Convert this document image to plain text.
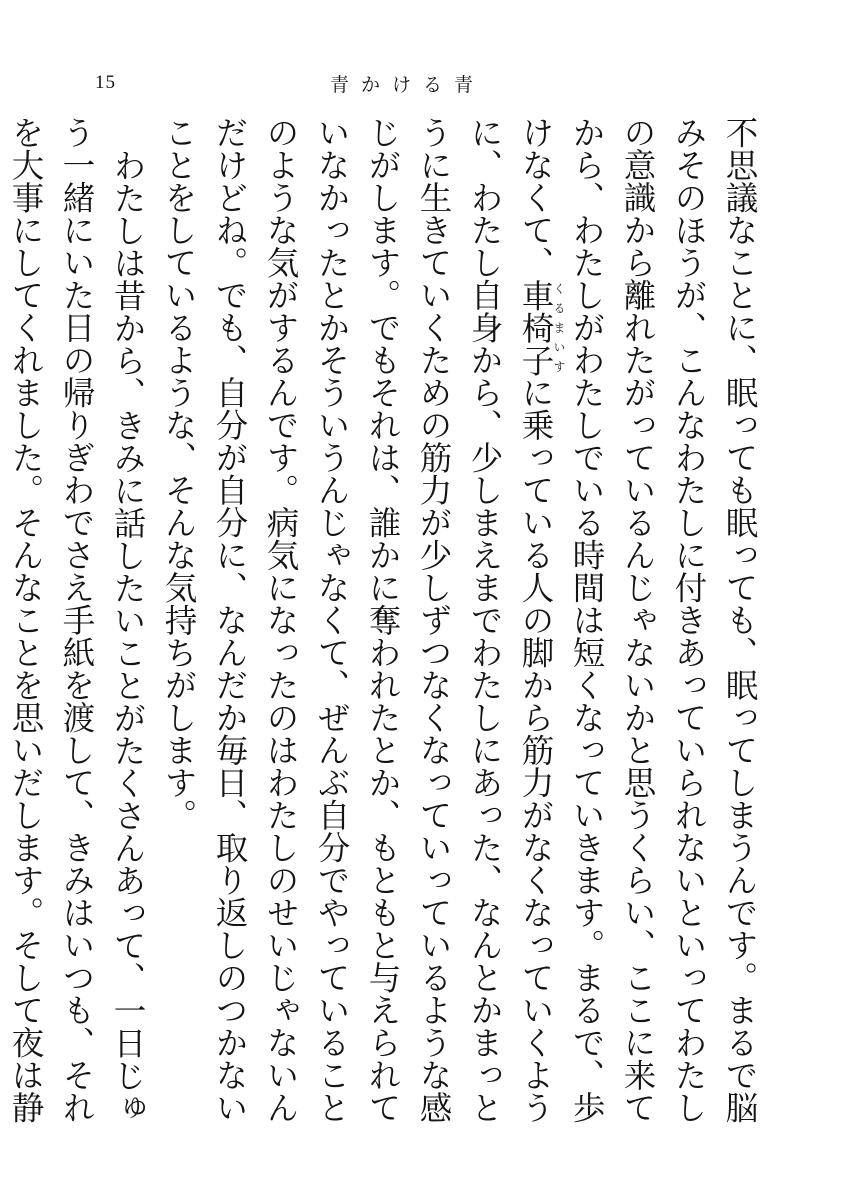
15	青かける青

不思議なことに、眠っても眠っても、眠ってしまうんです。まるで脳みそのほうが、こんなわたしに付きあっていられないといってわたしの意識から離れたがっているんじゃないかと思うくらい、ここに来てから、わたしがわたしでいる時間は短くなっていきます。まるで、歩けなくて、車椅子くるまいすに乗っている人の脚から筋力がなくなっていくように、わたし自身から、少しまえまでわたしにあった、なんとかまっとうに生きていくための筋力が少しずつなくなっていっているような感じがします。でもそれは、誰かに奪われたとか、もともと与えられていなかったとかそういうんじゃなくて、ぜんぶ自分でやっていることのような気がするんです。病気になったのはわたしのせいじゃないんだけどね。でも、自分が自分に、なんだか毎日、取り返しのつかないことをしているような、そんな気持ちがします。

わたしは昔から、きみに話したいことがたくさんあって、一日じゅう一緒にいた日の帰りぎわでさえ手紙を渡して、きみはいつも、それを大事にしてくれました。そんなことを思いだします。そして夜は静
